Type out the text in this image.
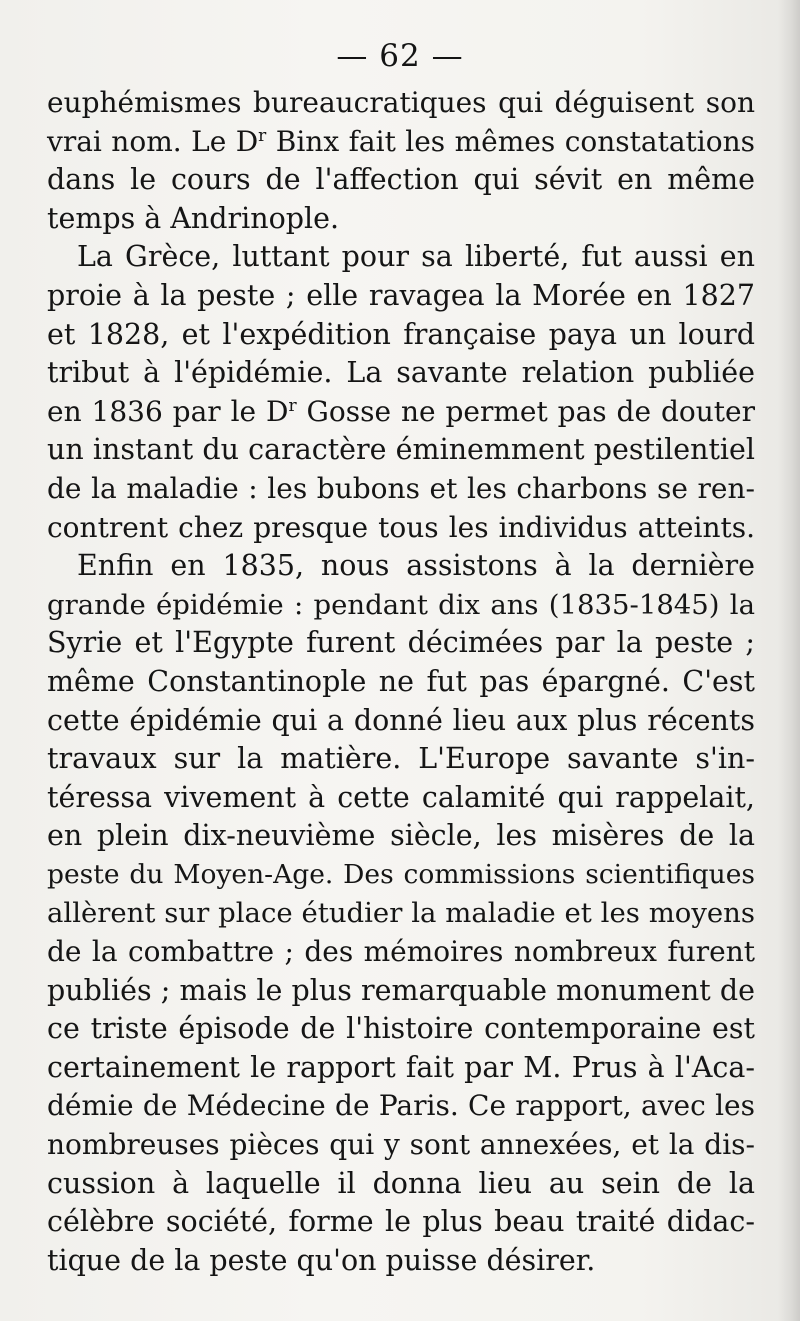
— 62 —
euphémismes bureaucratiques qui déguisent son
vrai nom. Le $D^r$ Binx fait les mêmes constatations
dans le cours de l'affection qui sévit en même
temps à Andrinople.
La Grèce, luttant pour sa liberté, fut aussi en
proie à la peste ; elle ravagea la Morée en 1827
et 1828, et l'expédition française paya un lourd
tribut à l'épidémie. La savante relation publiée
en 1836 par le $D^r$ Gosse ne permet pas de douter
un instant du caractère éminemment pestilentiel
de la maladie : les bubons et les charbons se ren-
contrent chez presque tous les individus atteints.
Enfin en 1835, nous assistons à la dernière
grande épidémie : pendant dix ans (1835-1845) la
Syrie et l'Egypte furent décimées par la peste ;
même Constantinople ne fut pas épargné. C'est
cette épidémie qui a donné lieu aux plus récents
travaux sur la matière. L'Europe savante s'in-
téressa vivement à cette calamité qui rappelait,
en plein dix-neuvième siècle, les misères de la
peste du Moyen-Age. Des commissions scientifiques
allèrent sur place étudier la maladie et les moyens
de la combattre ; des mémoires nombreux furent
publiés ; mais le plus remarquable monument de
ce triste épisode de l'histoire contemporaine est
certainement le rapport fait par M. Prus à l'Aca-
démie de Médecine de Paris. Ce rapport, avec les
nombreuses pièces qui y sont annexées, et la dis-
cussion à laquelle il donna lieu au sein de la
célèbre société, forme le plus beau traité didac-
tique de la peste qu'on puisse désirer.
